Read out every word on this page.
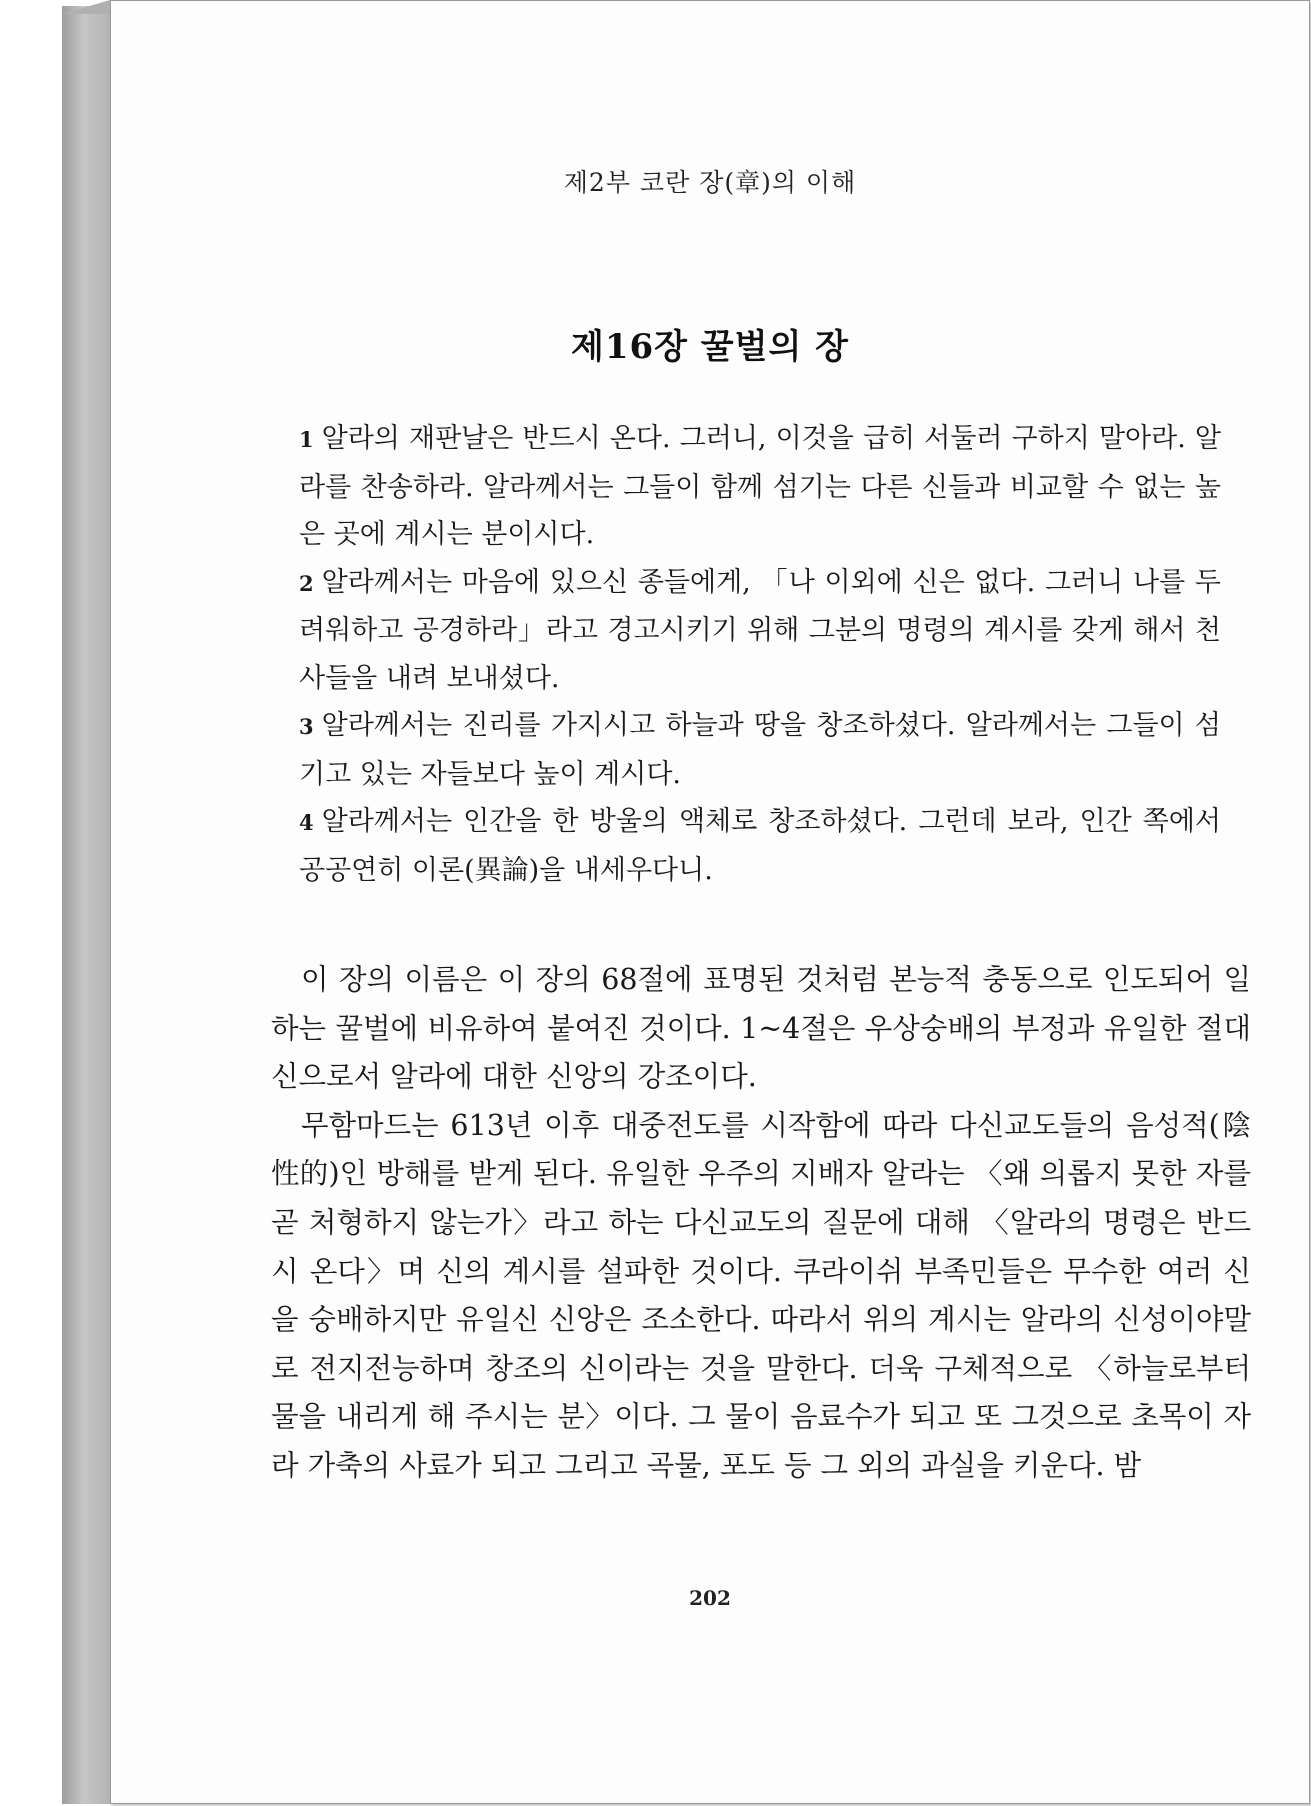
제2부 코란 장(章)의 이해
제16장 꿀벌의 장

1 알라의 재판날은 반드시 온다. 그러니, 이것을 급히 서둘러 구하지 말아라. 알라를 찬송하라. 알라께서는 그들이 함께 섬기는 다른 신들과 비교할 수 없는 높은 곳에 계시는 분이시다.

2 알라께서는 마음에 있으신 종들에게, 「나 이외에 신은 없다. 그러니 나를 두려워하고 공경하라」라고 경고시키기 위해 그분의 명령의 계시를 갖게 해서 천사들을 내려 보내셨다.

3 알라께서는 진리를 가지시고 하늘과 땅을 창조하셨다. 알라께서는 그들이 섬기고 있는 자들보다 높이 계시다.

4 알라께서는 인간을 한 방울의 액체로 창조하셨다. 그런데 보라, 인간 쪽에서 공공연히 이론(異論)을 내세우다니.

이 장의 이름은 이 장의 68절에 표명된 것처럼 본능적 충동으로 인도되어 일하는 꿀벌에 비유하여 붙여진 것이다. 1~4절은 우상숭배의 부정과 유일한 절대신으로서 알라에 대한 신앙의 강조이다.

무함마드는 613년 이후 대중전도를 시작함에 따라 다신교도들의 음성적(陰性的)인 방해를 받게 된다. 유일한 우주의 지배자 알라는 〈왜 의롭지 못한 자를 곧 처형하지 않는가〉라고 하는 다신교도의 질문에 대해 〈알라의 명령은 반드시 온다〉며 신의 계시를 설파한 것이다. 쿠라이쉬 부족민들은 무수한 여러 신을 숭배하지만 유일신 신앙은 조소한다. 따라서 위의 계시는 알라의 신성이야말로 전지전능하며 창조의 신이라는 것을 말한다. 더욱 구체적으로 〈하늘로부터 물을 내리게 해 주시는 분〉이다. 그 물이 음료수가 되고 또 그것으로 초목이 자라 가축의 사료가 되고 그리고 곡물, 포도 등 그 외의 과실을 키운다. 밤

202
